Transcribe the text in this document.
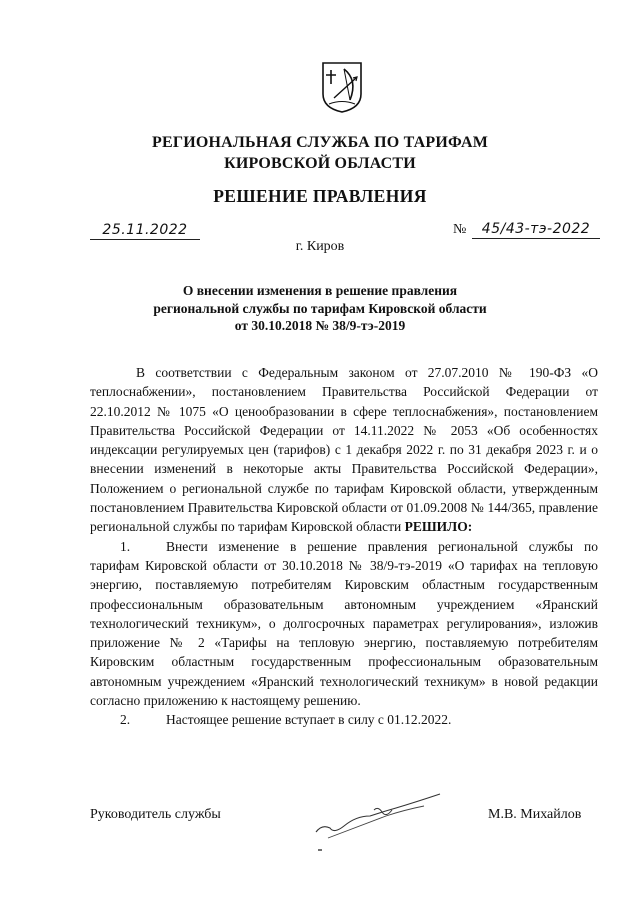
РЕГИОНАЛЬНАЯ СЛУЖБА ПО ТАРИФАМ
КИРОВСКОЙ ОБЛАСТИ
РЕШЕНИЕ ПРАВЛЕНИЯ
25.11.2022	№	45/43-тэ-2022
г. Киров
О внесении изменения в решение правления
региональной службы по тарифам Кировской области
от 30.10.2018 № 38/9-тэ-2019

В соответствии с Федеральным законом от 27.07.2010 № 190-ФЗ «О теплоснабжении», постановлением Правительства Российской Федерации от 22.10.2012 № 1075 «О ценообразовании в сфере теплоснабжения», постановлением Правительства Российской Федерации от 14.11.2022 № 2053 «Об особенностях индексации регулируемых цен (тарифов) с 1 декабря 2022 г. по 31 декабря 2023 г. и о внесении изменений в некоторые акты Правительства Российской Федерации», Положением о региональной службе по тарифам Кировской области, утвержденным постановлением Правительства Кировской области от 01.09.2008 № 144/365, правление региональной службы по тарифам Кировской области РЕШИЛО:

1.	Внести изменение в решение правления региональной службы по тарифам Кировской области от 30.10.2018 № 38/9-тэ-2019 «О тарифах на тепловую энергию, поставляемую потребителям Кировским областным государственным профессиональным образовательным автономным учреждением «Яранский технологический техникум», о долгосрочных параметрах регулирования», изложив приложение № 2 «Тарифы на тепловую энергию, поставляемую потребителям Кировским областным государственным профессиональным образовательным автономным учреждением «Яранский технологический техникум» в новой редакции согласно приложению к настоящему решению.

2.	Настоящее решение вступает в силу с 01.12.2022.

Руководитель службы	М.В. Михайлов
